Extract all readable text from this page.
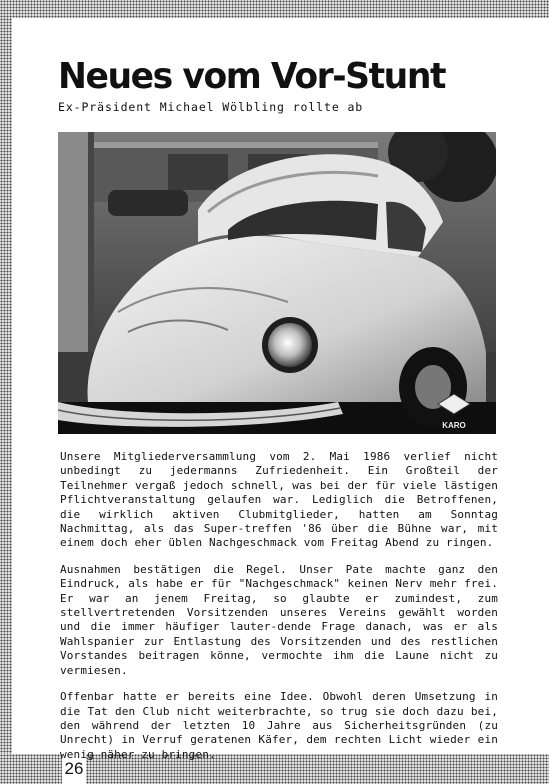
26
Neues vom Vor-Stunt
Ex-Präsident Michael Wölbling rollte ab
KARO

Unsere Mitgliederversammlung vom 2. Mai 1986 verlief nicht unbedingt zu jedermanns Zufriedenheit. Ein Großteil der Teilnehmer vergaß jedoch schnell, was bei der für viele lästigen Pflichtveranstaltung gelaufen war. Lediglich die Betroffenen, die wirklich aktiven Clubmitglieder, hatten am Sonntag Nachmittag, als das Super-treffen '86 über die Bühne war, mit einem doch eher üblen Nachgeschmack vom Freitag Abend zu ringen.

Ausnahmen bestätigen die Regel. Unser Pate machte ganz den Eindruck, als habe er für "Nachgeschmack" keinen Nerv mehr frei. Er war an jenem Freitag, so glaubte er zumindest, zum stellvertretenden Vorsitzenden unseres Vereins gewählt worden und die immer häufiger lauter-dende Frage danach, was er als Wahlspanier zur Entlastung des Vorsitzenden und des restlichen Vorstandes beitragen könne, vermochte ihm die Laune nicht zu vermiesen.

Offenbar hatte er bereits eine Idee. Obwohl deren Umsetzung in die Tat den Club nicht weiterbrachte, so trug sie doch dazu bei, den während der letzten 10 Jahre aus Sicherheitsgründen (zu Unrecht) in Verruf geratenen Käfer, dem rechten Licht wieder ein wenig näher zu bringen.
